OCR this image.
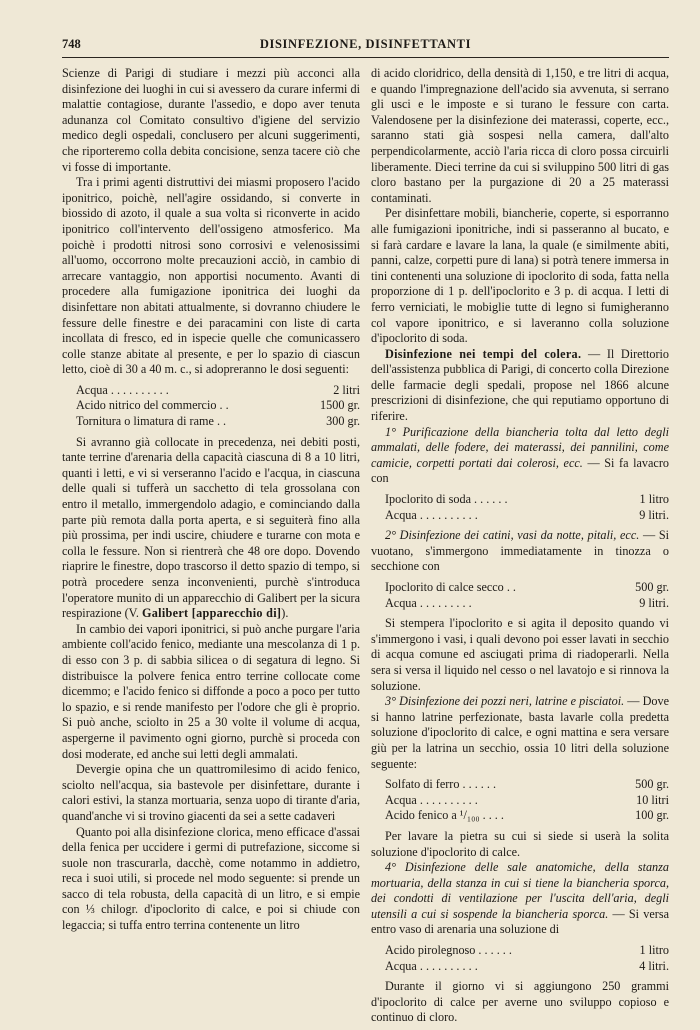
748	DISINFEZIONE, DISINFETTANTI

Scienze di Parigi di studiare i mezzi più acconci alla disinfezione dei luoghi in cui si avessero da curare infermi di malattie contagiose, durante l'assedio, e dopo aver tenuta adunanza col Comitato consultivo d'igiene del servizio medico degli ospedali, conclusero per alcuni suggerimenti, che riporteremo colla debita concisione, senza tacere ciò che vi fosse di importante.

Tra i primi agenti distruttivi dei miasmi proposero l'acido iponitrico, poichè, nell'agire ossidando, si converte in biossido di azoto, il quale a sua volta si riconverte in acido iponitrico coll'intervento dell'ossigeno atmosferico. Ma poichè i prodotti nitrosi sono corrosivi e velenosissimi all'uomo, occorrono molte precauzioni acciò, in cambio di arrecare vantaggio, non apportisi nocumento. Avanti di procedere alla fumigazione iponitrica dei luoghi da disinfettare non abitati attualmente, si dovranno chiudere le fessure delle finestre e dei paracamini con liste di carta incollata di fresco, ed in ispecie quelle che comunicassero colle stanze abitate al presente, e per lo spazio di ciascun letto, cioè di 30 a 40 m. c., si adopreranno le dosi seguenti:

Acqua . . . . . . . . . .	2 litri
Acido nitrico del commercio . .	1500 gr.
Tornitura o limatura di rame . .	300 gr.

Si avranno già collocate in precedenza, nei debiti posti, tante terrine d'arenaria della capacità ciascuna di 8 a 10 litri, quanti i letti, e vi si verseranno l'acido e l'acqua, in ciascuna delle quali si tufferà un sacchetto di tela grossolana con entro il metallo, immergendolo adagio, e cominciando dalla parte più remota dalla porta aperta, e si seguiterà fino alla più prossima, per indi uscire, chiudere e turarne con mota e colla le fessure. Non si rientrerà che 48 ore dopo. Dovendo riaprire le finestre, dopo trascorso il detto spazio di tempo, si potrà procedere senza inconvenienti, purchè s'introduca l'operatore munito di un apparecchio di Galibert per la sicura respirazione (V. Galibert [apparecchio di]).

In cambio dei vapori iponitrici, si può anche purgare l'aria ambiente coll'acido fenico, mediante una mescolanza di 1 p. di esso con 3 p. di sabbia silicea o di segatura di legno. Si distribuisce la polvere fenica entro terrine collocate come dicemmo; e l'acido fenico si diffonde a poco a poco per tutto lo spazio, e si rende manifesto per l'odore che gli è proprio. Si può anche, sciolto in 25 a 30 volte il volume di acqua, aspergerne il pavimento ogni giorno, purchè si proceda con dosi moderate, ed anche sui letti degli ammalati.

Devergie opina che un quattromilesimo di acido fenico, sciolto nell'acqua, sia bastevole per disinfettare, durante i calori estivi, la stanza mortuaria, senza uopo di tirante d'aria, quand'anche vi si trovino giacenti da sei a sette cadaveri

Quanto poi alla disinfezione clorica, meno efficace d'assai della fenica per uccidere i germi di putrefazione, siccome si suole non trascurarla, dacchè, come notammo in addietro, reca i suoi utili, si procede nel modo seguente: si prende un sacco di tela robusta, della capacità di un litro, e si empie con ⅓ chilogr. d'ipoclorito di calce, e poi si chiude con legaccia; si tuffa entro terrina contenente un litro

di acido cloridrico, della densità di 1,150, e tre litri di acqua, e quando l'impregnazione dell'acido sia avvenuta, si serrano gli usci e le imposte e si turano le fessure con carta. Valendosene per la disinfezione dei materassi, coperte, ecc., saranno stati già sospesi nella camera, dall'alto perpendicolarmente, acciò l'aria ricca di cloro possa circuirli liberamente. Dieci terrine da cui si sviluppino 500 litri di gas cloro bastano per la purgazione di 20 a 25 materassi contaminati.

Per disinfettare mobili, biancherie, coperte, si esporranno alle fumigazioni iponitriche, indi si passeranno al bucato, e si farà cardare e lavare la lana, la quale (e similmente abiti, panni, calze, corpetti pure di lana) si potrà tenere immersa in tini contenenti una soluzione di ipoclorito di soda, fatta nella proporzione di 1 p. dell'ipoclorito e 3 p. di acqua. I letti di ferro verniciati, le mobiglie tutte di legno si fumigheranno col vapore iponitrico, e si laveranno colla soluzione d'ipoclorito di soda.

Disinfezione nei tempi del colera. — Il Direttorio dell'assistenza pubblica di Parigi, di concerto colla Direzione delle farmacie degli spedali, propose nel 1866 alcune prescrizioni di disinfezione, che qui reputiamo opportuno di riferire.

1° Purificazione della biancheria tolta dal letto degli ammalati, delle fodere, dei materassi, dei pannilini, come camicie, corpetti portati dai colerosi, ecc. — Si fa lavacro con

Ipoclorito di soda . . . . . .	1 litro
Acqua . . . . . . . . . .	9 litri.

2° Disinfezione dei catini, vasi da notte, pitali, ecc. — Si vuotano, s'immergono immediatamente in tinozza o secchione con

Ipoclorito di calce secco . .	500 gr.
Acqua . . . . . . . . .	9 litri.

Si stempera l'ipoclorito e si agita il deposito quando vi s'immergono i vasi, i quali devono poi esser lavati in secchio di acqua comune ed asciugati prima di riadoperarli. Nella sera si versa il liquido nel cesso o nel lavatojo e si rinnova la soluzione.

3° Disinfezione dei pozzi neri, latrine e pisciatoi. — Dove si hanno latrine perfezionate, basta lavarle colla predetta soluzione d'ipoclorito di calce, e ogni mattina e sera versare giù per la latrina un secchio, ossia 10 litri della soluzione seguente:

Solfato di ferro . . . . . .	500 gr.
Acqua . . . . . . . . . .	10 litri
Acido fenico a ¹/₁₀₀ . . . .	100 gr.

Per lavare la pietra su cui si siede si userà la solita soluzione d'ipoclorito di calce.

4° Disinfezione delle sale anatomiche, della stanza mortuaria, della stanza in cui si tiene la biancheria sporca, dei condotti di ventilazione per l'uscita dell'aria, degli utensili a cui si sospende la biancheria sporca. — Si versa entro vaso di arenaria una soluzione di

Acido pirolegnoso . . . . . .	1 litro
Acqua . . . . . . . . . .	4 litri.

Durante il giorno vi si aggiungono 250 grammi d'ipoclorito di calce per averne uno sviluppo copioso e continuo di cloro.
